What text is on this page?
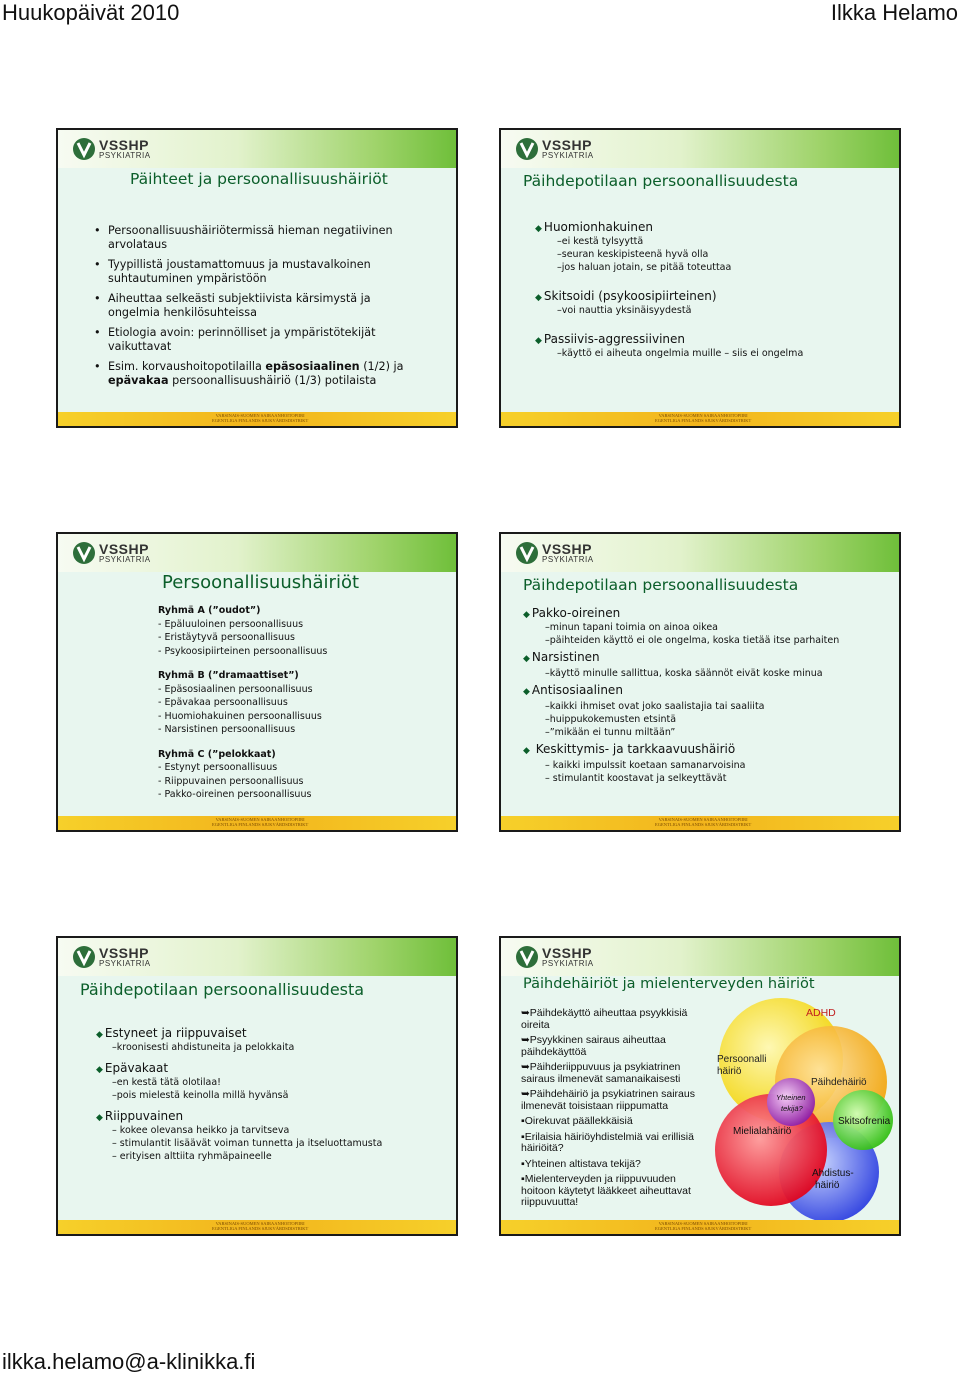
Huukopäivät 2010	Ilkka Helamo
VSSHP
PSYKIATRIA
Päihteet ja persoonallisuushäiriöt
• Persoonallisuushäiriötermissä hieman negatiivinen arvolataus
• Tyypillistä joustamattomuus ja mustavalkoinen suhtautuminen ympäristöön
• Aiheuttaa selkeästi subjektiivista kärsimystä ja ongelmia henkilösuhteissa
• Etiologia avoin: perinnölliset ja ympäristötekijät vaikuttavat
• Esim. korvaushoitopotilailla epäsosiaalinen (1/2) ja epävakaa persoonallisuushäiriö (1/3) potilaista
VARSINAIS-SUOMEN SAIRAANHOITOPIIRI
EGENTLIGA FINLANDS SJUKVÅRDSDISTRIKT
VSSHP
PSYKIATRIA
Päihdepotilaan persoonallisuudesta
◆ Huomionhakuinen
–ei kestä tylsyyttä
–seuran keskipisteenä hyvä olla
–jos haluan jotain, se pitää toteuttaa
◆ Skitsoidi (psykoosipiirteinen)
–voi nauttia yksinäisyydestä
◆ Passiivis-aggressiivinen
–käyttö ei aiheuta ongelmia muille – siis ei ongelma
VARSINAIS-SUOMEN SAIRAANHOITOPIIRI
EGENTLIGA FINLANDS SJUKVÅRDSDISTRIKT
VSSHP
PSYKIATRIA
Persoonallisuushäiriöt
Ryhmä A (”oudot”)
- Epäluuloinen persoonallisuus
- Eristäytyvä persoonallisuus
- Psykoosipiirteinen persoonallisuus
Ryhmä B (”dramaattiset”)
- Epäsosiaalinen persoonallisuus
- Epävakaa persoonallisuus
- Huomiohakuinen persoonallisuus
- Narsistinen persoonallisuus
Ryhmä C (”pelokkaat)
- Estynyt persoonallisuus
- Riippuvainen persoonallisuus
- Pakko-oireinen persoonallisuus
VARSINAIS-SUOMEN SAIRAANHOITOPIIRI
EGENTLIGA FINLANDS SJUKVÅRDSDISTRIKT
VSSHP
PSYKIATRIA
Päihdepotilaan persoonallisuudesta
◆ Pakko-oireinen
–minun tapani toimia on ainoa oikea
–päihteiden käyttö ei ole ongelma, koska tietää itse parhaiten
◆ Narsistinen
–käyttö minulle sallittua, koska säännöt eivät koske minua
◆ Antisosiaalinen
–kaikki ihmiset ovat joko saalistajia tai saaliita
–huippukokemusten etsintä
–”mikään ei tunnu miltään”
◆ Keskittymis- ja tarkkaavuushäiriö
– kaikki impulssit koetaan samanarvoisina
– stimulantit koostavat ja selkeyttävät
VARSINAIS-SUOMEN SAIRAANHOITOPIIRI
EGENTLIGA FINLANDS SJUKVÅRDSDISTRIKT
VSSHP
PSYKIATRIA
Päihdepotilaan persoonallisuudesta
◆ Estyneet ja riippuvaiset
–kroonisesti ahdistuneita ja pelokkaita
◆ Epävakaat
–en kestä tätä olotilaa!
–pois mielestä keinolla millä hyvänsä
◆ Riippuvainen
– kokee olevansa heikko ja tarvitseva
– stimulantit lisäävät voiman tunnetta ja itseluottamusta
– erityisen alttiita ryhmäpaineelle
VARSINAIS-SUOMEN SAIRAANHOITOPIIRI
EGENTLIGA FINLANDS SJUKVÅRDSDISTRIKT
VSSHP
PSYKIATRIA
Päihdehäiriöt ja mielenterveyden häiriöt
➥Päihdekäyttö aiheuttaa psyykkisiä oireita
➥Psyykkinen sairaus aiheuttaa päihdekäyttöä
➥Päihderiippuvuus ja psykiatrinen sairaus ilmenevät samanaikaisesti
➥Päihdehäiriö ja psykiatrinen sairaus ilmenevät toisistaan riippumatta
▪Oirekuvat päällekkäisiä
▪Erilaisia häiriöyhdistelmiä vai erillisiä häiriöitä?
▪Yhteinen altistava tekijä?
▪Mielenterveyden ja riippuvuuden hoitoon käytetyt lääkkeet aiheuttavat riippuvuutta!
ADHD
Persoonalli
häiriö
Päihdehäiriö
Yhteinen
tekijä?
Skitsofrenia
Mielialahäiriö
Ahdistus-
häiriö
VARSINAIS-SUOMEN SAIRAANHOITOPIIRI
EGENTLIGA FINLANDS SJUKVÅRDSDISTRIKT
ilkka.helamo@a-klinikka.fi
